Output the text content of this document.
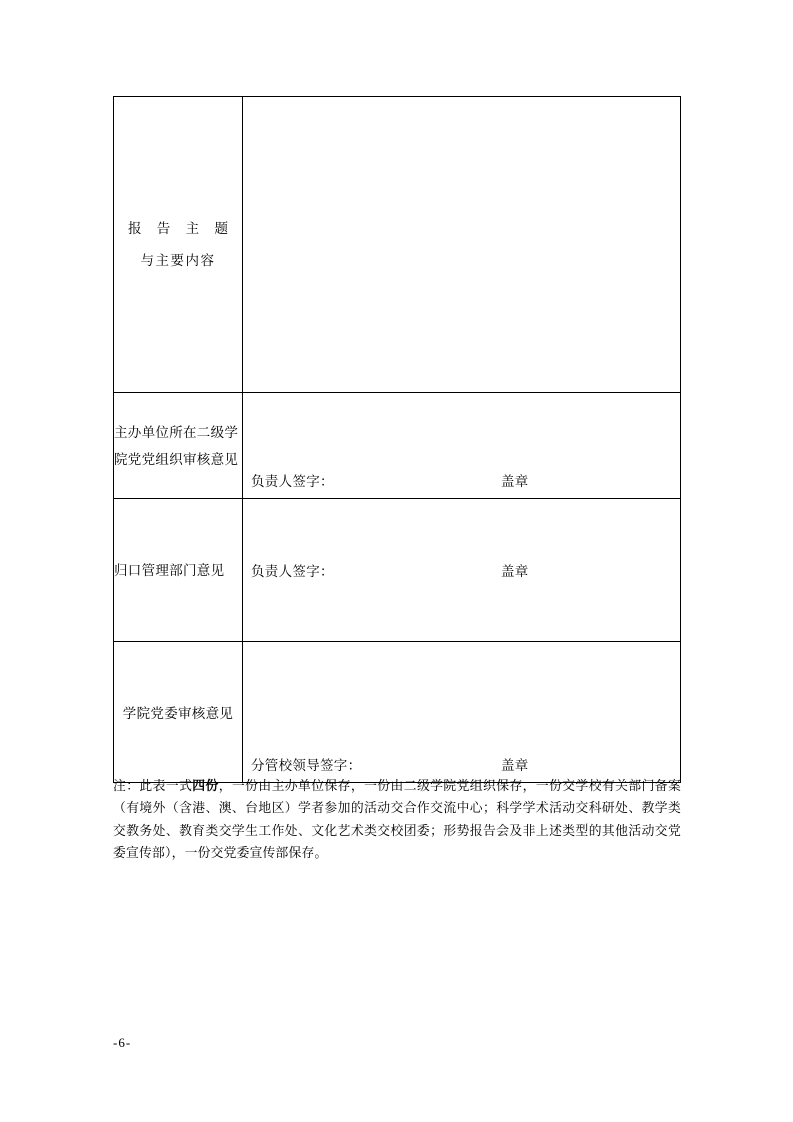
报 告 主 题
与主要内容	

主办单位所在二级学院党党组织审核意见	负责人签字： 盖章

归口管理部门意见	负责人签字： 盖章

学院党委审核意见	分管校领导签字： 盖章
注：此表一式四份，一份由主办单位保存，一份由二级学院党组织保存，一份交学校有关部门备案（有境外（含港、澳、台地区）学者参加的活动交合作交流中心；科学学术活动交科研处、教学类交教务处、教育类交学生工作处、文化艺术类交校团委；形势报告会及非上述类型的其他活动交党委宣传部），一份交党委宣传部保存。
-6-
